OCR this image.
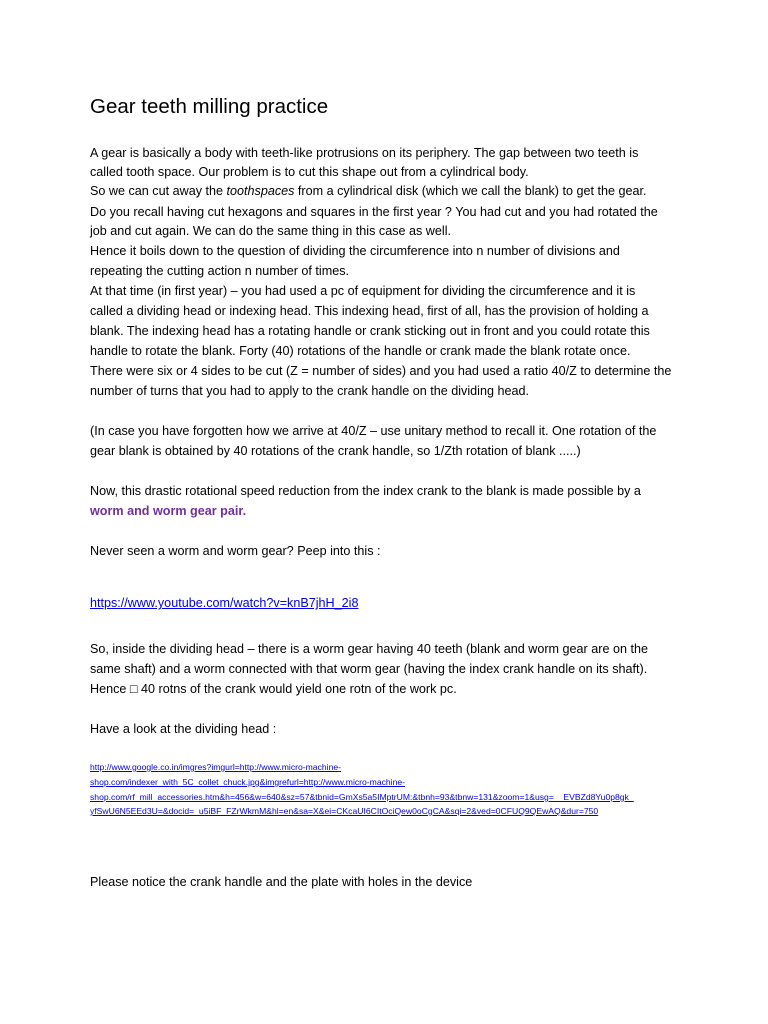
Gear teeth milling practice

A gear is basically a body with teeth-like protrusions on its periphery. The gap between two teeth is

called tooth space. Our problem is to cut this shape out from a cylindrical body.

So we can cut away the toothspaces from a cylindrical disk (which we call the blank) to get the gear.

Do you recall having cut hexagons and squares in the first year ? You had cut and you had rotated the

job and cut again. We can do the same thing in this case as well.

Hence it boils down to the question of dividing the circumference into n number of divisions and

repeating the cutting action n number of times.

At that time (in first year) – you had used a pc of equipment for dividing the circumference and it is

called a dividing head or indexing head. This indexing head, first of all, has the provision of holding a

blank. The indexing head has a rotating handle or crank sticking out in front and you could rotate this

handle to rotate the blank. Forty (40) rotations of the handle or crank made the blank rotate once.

There were six or 4 sides to be cut (Z = number of sides) and you had used a ratio 40/Z to determine the

number of turns that you had to apply to the crank handle on the dividing head.

(In case you have forgotten how we arrive at 40/Z – use unitary method to recall it. One rotation of the

gear blank is obtained by 40 rotations of the crank handle, so 1/Zth rotation of blank .....)

Now, this drastic rotational speed reduction from the index crank to the blank is made possible by a

worm and worm gear pair.

Never seen a worm and worm gear? Peep into this :

https://www.youtube.com/watch?v=knB7jhH_2i8

So, inside the dividing head – there is a worm gear having 40 teeth (blank and worm gear are on the

same shaft) and a worm connected with that worm gear (having the index crank handle on its shaft).

Hence □ 40 rotns of the crank would yield one rotn of the work pc.

Have a look at the dividing head :

http://www.google.co.in/imgres?imgurl=http://www.micro-machine-

shop.com/indexer_with_5C_collet_chuck.jpg&imgrefurl=http://www.micro-machine-

shop.com/rf_mill_accessories.htm&h=456&w=640&sz=57&tbnid=GmXs5a5IMptrUM:&tbnh=93&tbnw=131&zoom=1&usg=__EVBZd8Yu0p8gk_

yfSwU6N5EEd3U=&docid=_u5iBF_FZrWkmM&hl=en&sa=X&ei=CKcaUI6CItOciQew0oCgCA&sqi=2&ved=0CFUQ9QEwAQ&dur=750

Please notice the crank handle and the plate with holes in the device
